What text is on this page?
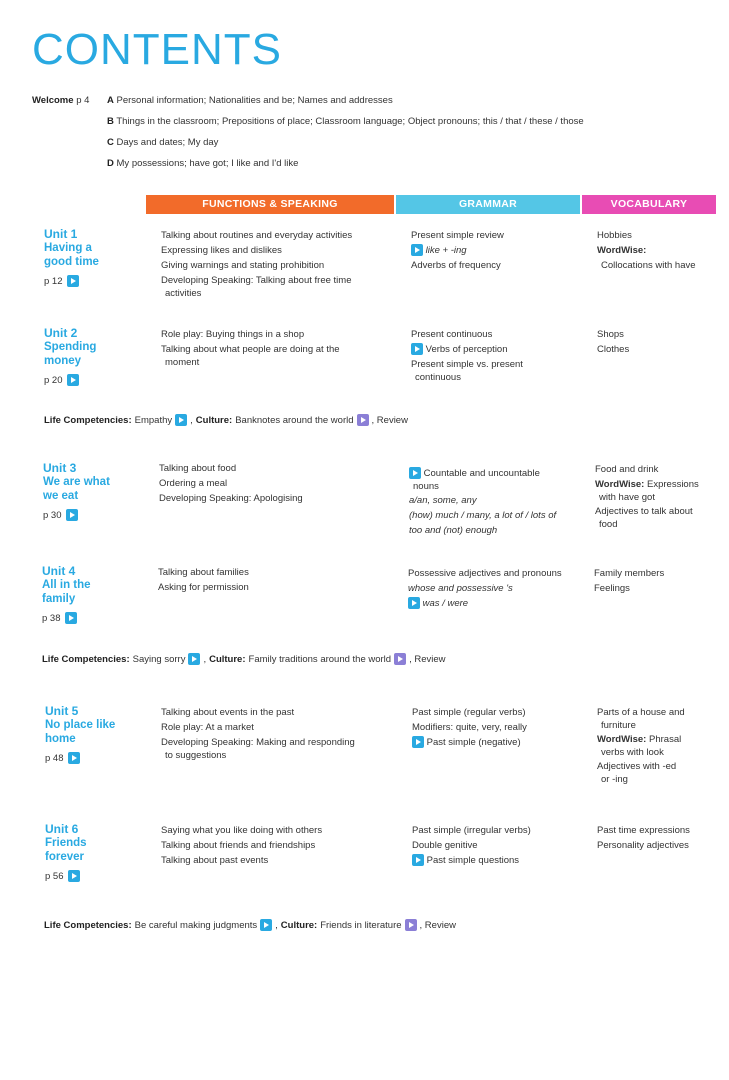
CONTENTS
Welcome p 4 A Personal information; Nationalities and be; Names and addresses
B Things in the classroom; Prepositions of place; Classroom language; Object pronouns; this / that / these / those
C Days and dates; My day
D My possessions; have got; I like and I'd like
FUNCTIONS & SPEAKING	GRAMMAR	VOCABULARY
Unit 1
Having a
good time
p 12
Talking about routines and everyday activities
Expressing likes and dislikes
Giving warnings and stating prohibition
Developing Speaking: Talking about free time
activities
Present simple review
like + -ing
Adverbs of frequency
Hobbies
WordWise:
Collocations with have
Unit 2
Spending
money
p 20
Role play: Buying things in a shop
Talking about what people are doing at the
moment
Present continuous
Verbs of perception
Present simple vs. present
continuous
Shops
Clothes
Life Competencies: Empathy , Culture: Banknotes around the world , Review
Unit 3
We are what
we eat
p 30
Talking about food
Ordering a meal
Developing Speaking: Apologising
Countable and uncountable
nouns
a/an, some, any
(how) much / many, a lot of / lots of
too and (not) enough
Food and drink
WordWise: Expressions
with have got
Adjectives to talk about
food
Unit 4
All in the
family
p 38
Talking about families
Asking for permission
Possessive adjectives and pronouns
whose and possessive 's
was / were
Family members
Feelings
Life Competencies: Saying sorry , Culture: Family traditions around the world , Review
Unit 5
No place like
home
p 48
Talking about events in the past
Role play: At a market
Developing Speaking: Making and responding
to suggestions
Past simple (regular verbs)
Modifiers: quite, very, really
Past simple (negative)
Parts of a house and
furniture
WordWise: Phrasal
verbs with look
Adjectives with -ed
or -ing
Unit 6
Friends
forever
p 56
Saying what you like doing with others
Talking about friends and friendships
Talking about past events
Past simple (irregular verbs)
Double genitive
Past simple questions
Past time expressions
Personality adjectives
Life Competencies: Be careful making judgments , Culture: Friends in literature , Review
